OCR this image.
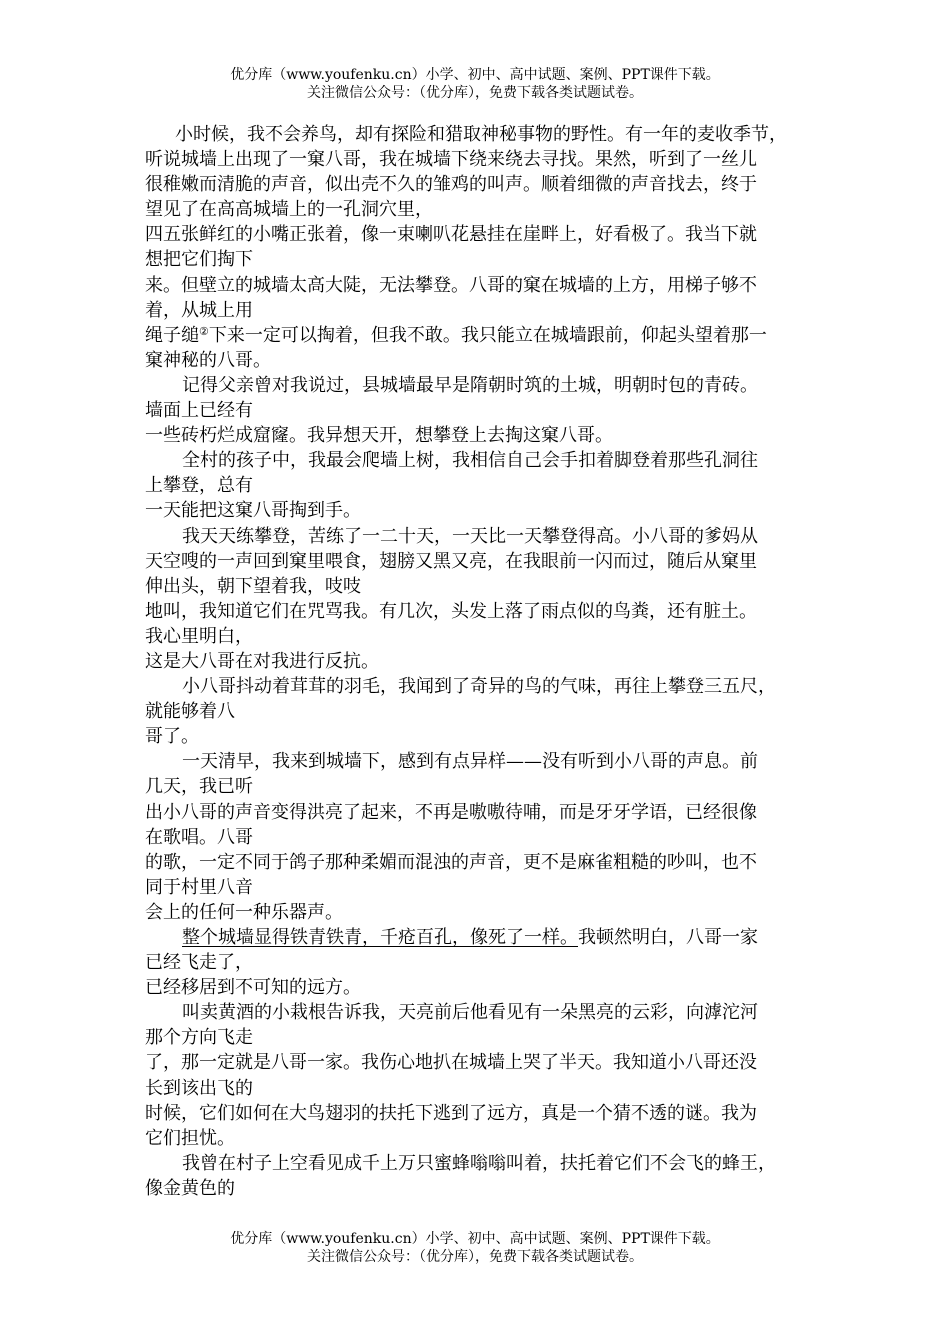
优分库（www.youfenku.cn）小学、初中、高中试题、案例、PPT课件下载。
关注微信公众号：（优分库），免费下载各类试题试卷。
小时候，我不会养鸟，却有探险和猎取神秘事物的野性。有一年的麦收季节，
听说城墙上出现了一窠八哥，我在城墙下绕来绕去寻找。果然，听到了一丝儿
很稚嫩而清脆的声音，似出壳不久的雏鸡的叫声。顺着细微的声音找去，终于
望见了在高高城墙上的一孔洞穴里，
四五张鲜红的小嘴正张着，像一束喇叭花悬挂在崖畔上，好看极了。我当下就
想把它们掏下
来。但壁立的城墙太高大陡，无法攀登。八哥的窠在城墙的上方，用梯子够不
着，从城上用
绳子缒②下来一定可以掏着，但我不敢。我只能立在城墙跟前，仰起头望着那一
窠神秘的八哥。
记得父亲曾对我说过，县城墙最早是隋朝时筑的土城，明朝时包的青砖。
墙面上已经有
一些砖朽烂成窟窿。我异想天开，想攀登上去掏这窠八哥。
全村的孩子中，我最会爬墙上树，我相信自己会手扣着脚登着那些孔洞往
上攀登，总有
一天能把这窠八哥掏到手。
我天天练攀登，苦练了一二十天，一天比一天攀登得高。小八哥的爹妈从
天空嗖的一声回到窠里喂食，翅膀又黑又亮，在我眼前一闪而过，随后从窠里
伸出头，朝下望着我，吱吱
地叫，我知道它们在咒骂我。有几次，头发上落了雨点似的鸟粪，还有脏土。
我心里明白，
这是大八哥在对我进行反抗。
小八哥抖动着茸茸的羽毛，我闻到了奇异的鸟的气味，再往上攀登三五尺，
就能够着八
哥了。
一天清早，我来到城墙下，感到有点异样——没有听到小八哥的声息。前
几天，我已听
出小八哥的声音变得洪亮了起来，不再是嗷嗷待哺，而是牙牙学语，已经很像
在歌唱。八哥
的歌，一定不同于鸽子那种柔媚而混浊的声音，更不是麻雀粗糙的吵叫，也不
同于村里八音
会上的任何一种乐器声。
整个城墙显得铁青铁青，千疮百孔，像死了一样。我顿然明白，八哥一家
已经飞走了，
已经移居到不可知的远方。
叫卖黄酒的小栽根告诉我，天亮前后他看见有一朵黑亮的云彩，向滹沱河
那个方向飞走
了，那一定就是八哥一家。我伤心地扒在城墙上哭了半天。我知道小八哥还没
长到该出飞的
时候，它们如何在大鸟翅羽的扶托下逃到了远方，真是一个猜不透的谜。我为
它们担忧。
我曾在村子上空看见成千上万只蜜蜂嗡嗡叫着，扶托着它们不会飞的蜂王，
像金黄色的
优分库（www.youfenku.cn）小学、初中、高中试题、案例、PPT课件下载。
关注微信公众号：（优分库），免费下载各类试题试卷。
